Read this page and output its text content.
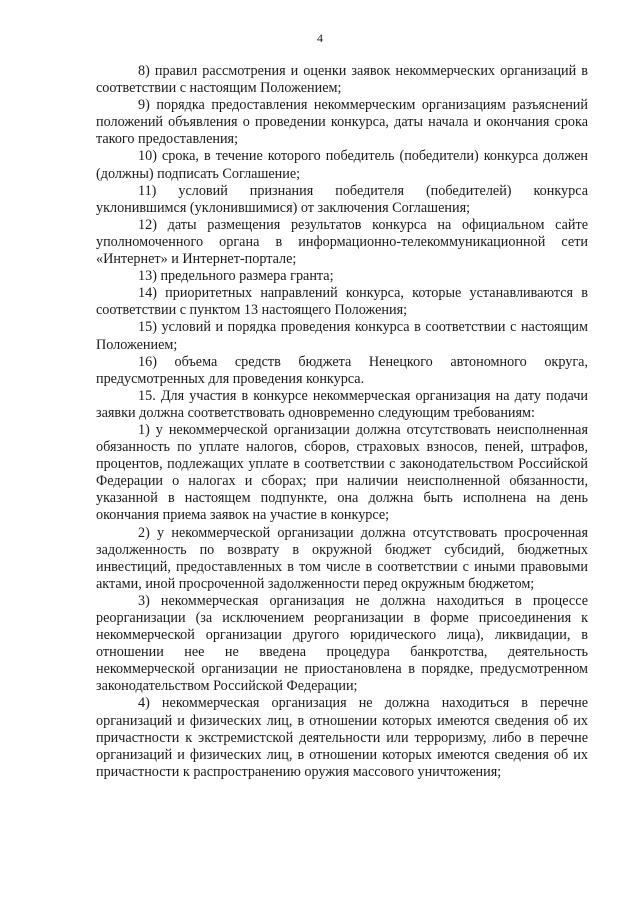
4

8) правил рассмотрения и оценки заявок некоммерческих организаций в соответствии с настоящим Положением;

9) порядка предоставления некоммерческим организациям разъяснений положений объявления о проведении конкурса, даты начала и окончания срока такого предоставления;

10) срока, в течение которого победитель (победители) конкурса должен (должны) подписать Соглашение;

11) условий признания победителя (победителей) конкурса уклонившимся (уклонившимися) от заключения Соглашения;

12) даты размещения результатов конкурса на официальном сайте уполномоченного органа в информационно-телекоммуникационной сети «Интернет» и Интернет-портале;

13) предельного размера гранта;

14) приоритетных направлений конкурса, которые устанавливаются в соответствии с пунктом 13 настоящего Положения;

15) условий и порядка проведения конкурса в соответствии с настоящим Положением;

16) объема средств бюджета Ненецкого автономного округа, предусмотренных для проведения конкурса.

15. Для участия в конкурсе некоммерческая организация на дату подачи заявки должна соответствовать одновременно следующим требованиям:

1) у некоммерческой организации должна отсутствовать неисполненная обязанность по уплате налогов, сборов, страховых взносов, пеней, штрафов, процентов, подлежащих уплате в соответствии с законодательством Российской Федерации о налогах и сборах; при наличии неисполненной обязанности, указанной в настоящем подпункте, она должна быть исполнена на день окончания приема заявок на участие в конкурсе;

2) у некоммерческой организации должна отсутствовать просроченная задолженность по возврату в окружной бюджет субсидий, бюджетных инвестиций, предоставленных в том числе в соответствии с иными правовыми актами, иной просроченной задолженности перед окружным бюджетом;

3) некоммерческая организация не должна находиться в процессе реорганизации (за исключением реорганизации в форме присоединения к некоммерческой организации другого юридического лица), ликвидации, в отношении нее не введена процедура банкротства, деятельность некоммерческой организации не приостановлена в порядке, предусмотренном законодательством Российской Федерации;

4) некоммерческая организация не должна находиться в перечне организаций и физических лиц, в отношении которых имеются сведения об их причастности к экстремистской деятельности или терроризму, либо в перечне организаций и физических лиц, в отношении которых имеются сведения об их причастности к распространению оружия массового уничтожения;
